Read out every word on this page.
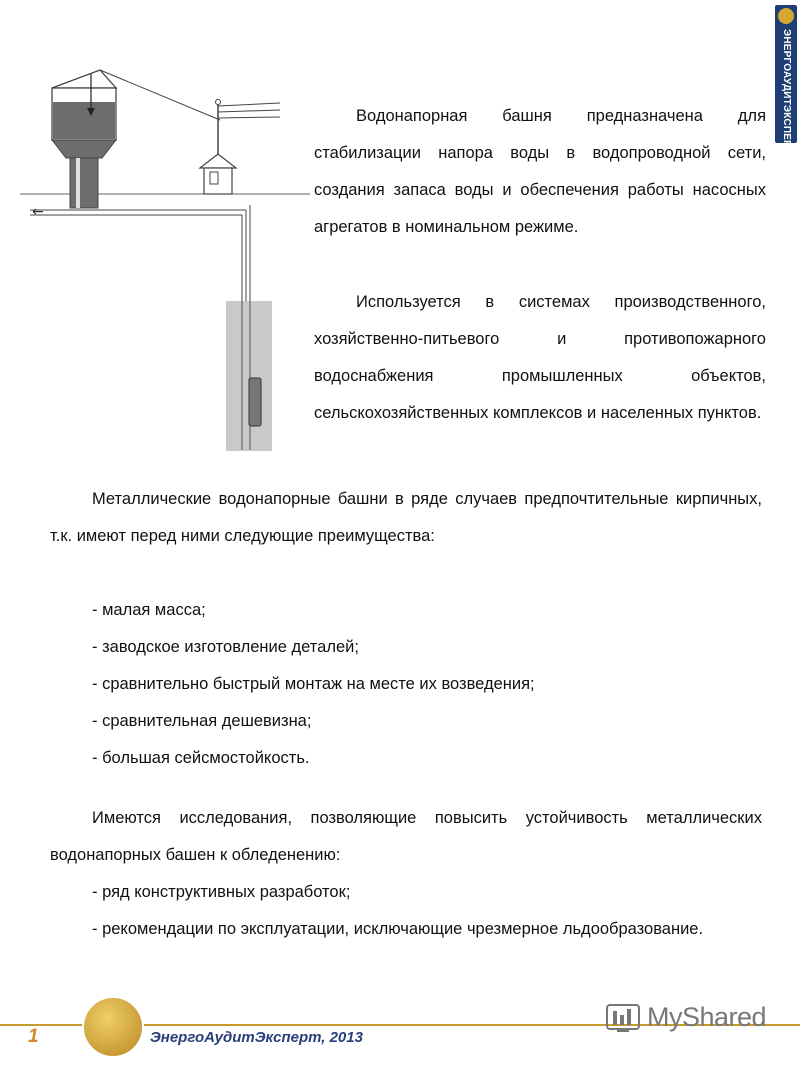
ЭНЕРГОАУДИТЭКСПЕРТ
←

Водонапорная башня предназначена для стабилизации напора воды в водопроводной сети, создания запаса воды и обеспечения работы насосных агрегатов в номинальном режиме.

Используется в системах производственного, хозяйственно-питьевого и противопожарного водоснабжения промышленных объектов, сельскохозяйственных комплексов и населенных пунктов.

Металлические водонапорные башни в ряде случаев предпочтительные кирпичных, т.к. имеют перед ними следующие преимущества:

- малая масса;
- заводское изготовление деталей;
- сравнительно быстрый монтаж на месте их возведения;
- сравнительная дешевизна;
- большая сейсмостойкость.

Имеются исследования, позволяющие повысить устойчивость металлических водонапорных башен к обледенению:

- ряд конструктивных разработок;

- рекомендации по эксплуатации, исключающие чрезмерное льдообразование.

1	ЭнергоАудитЭксперт, 2013
MyShared
